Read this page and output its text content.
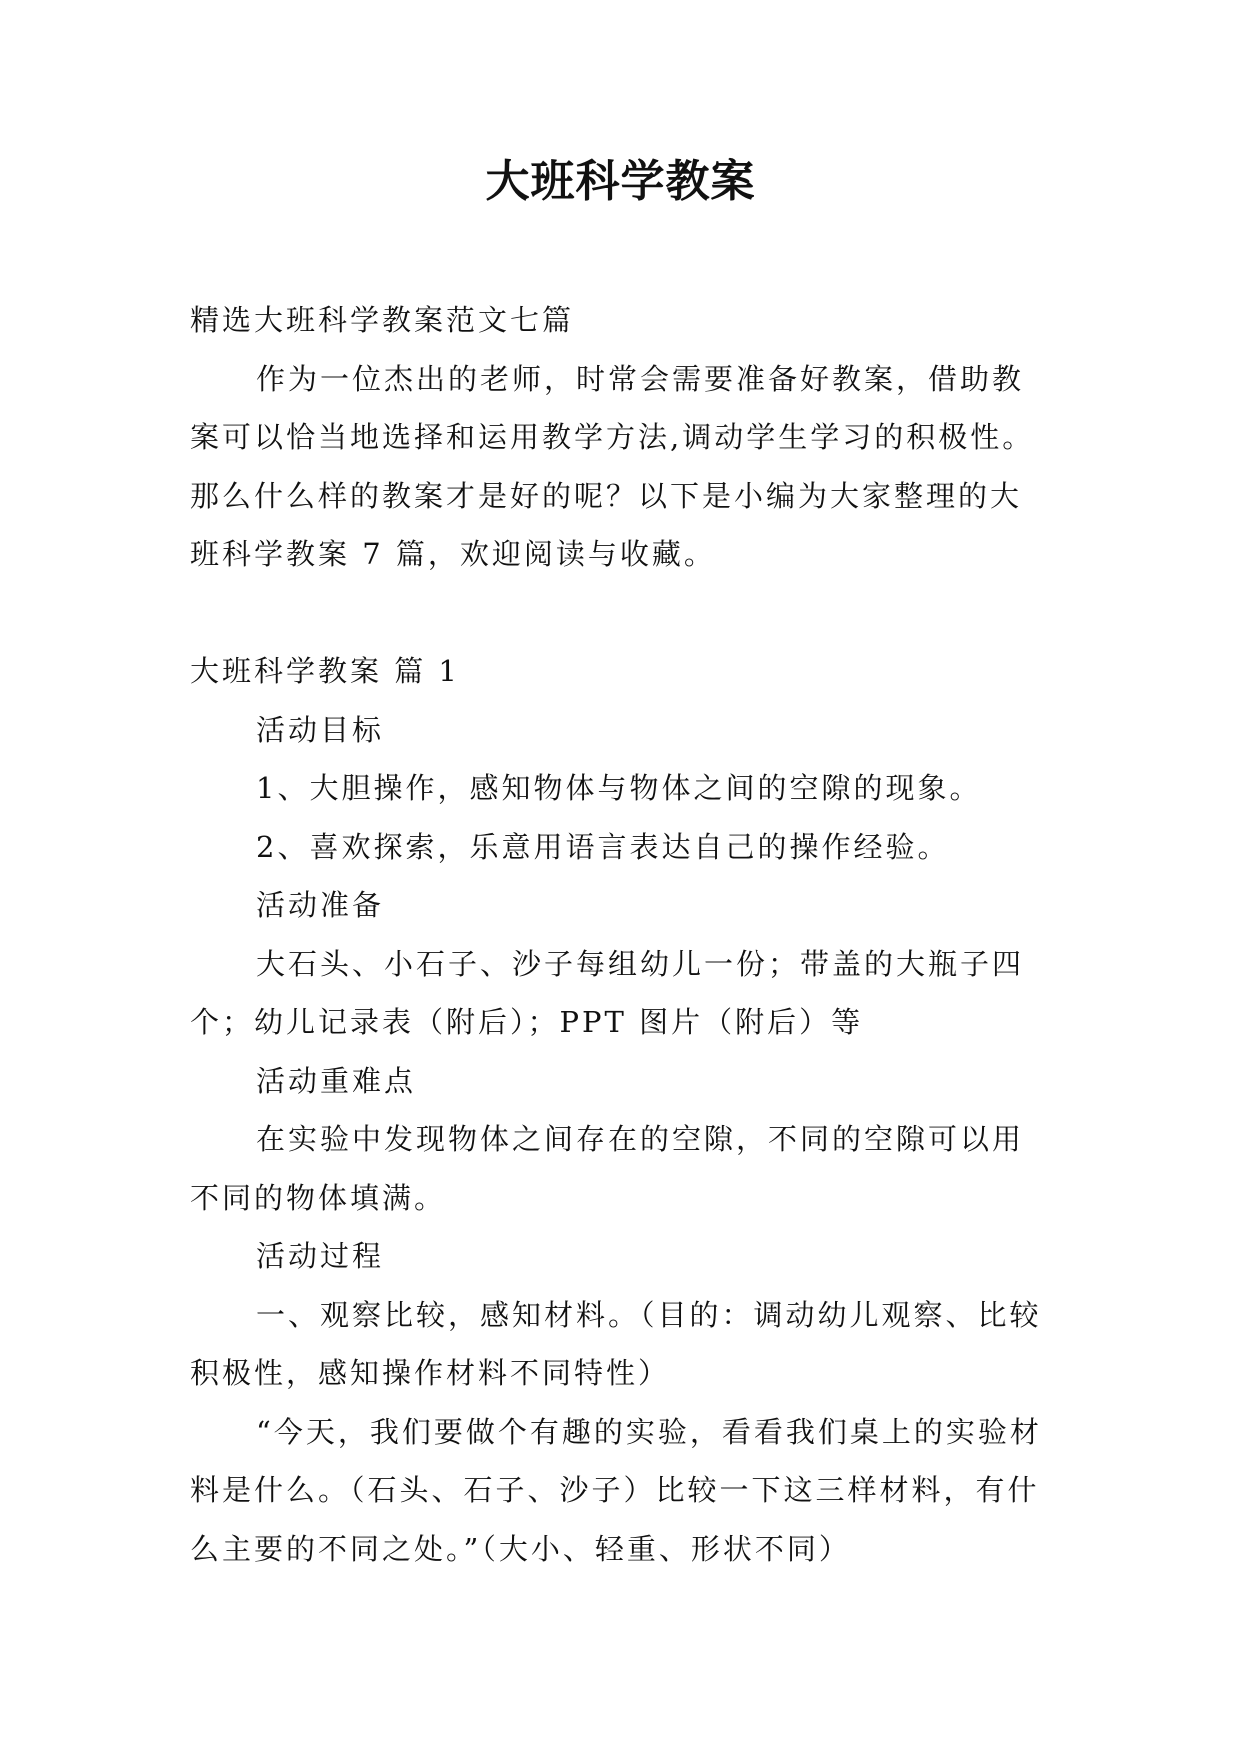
大班科学教案

精选大班科学教案范文七篇

作为一位杰出的老师，时常会需要准备好教案，借助教案可以恰当地选择和运用教学方法,调动学生学习的积极性。那么什么样的教案才是好的呢？以下是小编为大家整理的大班科学教案 7 篇，欢迎阅读与收藏。

大班科学教案 篇 1

活动目标

1、大胆操作，感知物体与物体之间的空隙的现象。

2、喜欢探索，乐意用语言表达自己的操作经验。

活动准备

大石头、小石子、沙子每组幼儿一份；带盖的大瓶子四个；幼儿记录表（附后）；PPT 图片（附后）等

活动重难点

在实验中发现物体之间存在的空隙，不同的空隙可以用不同的物体填满。

活动过程

一、观察比较，感知材料。（目的：调动幼儿观察、比较积极性，感知操作材料不同特性）

“今天，我们要做个有趣的实验，看看我们桌上的实验材料是什么。（石头、石子、沙子）比较一下这三样材料，有什么主要的不同之处。”（大小、轻重、形状不同）
